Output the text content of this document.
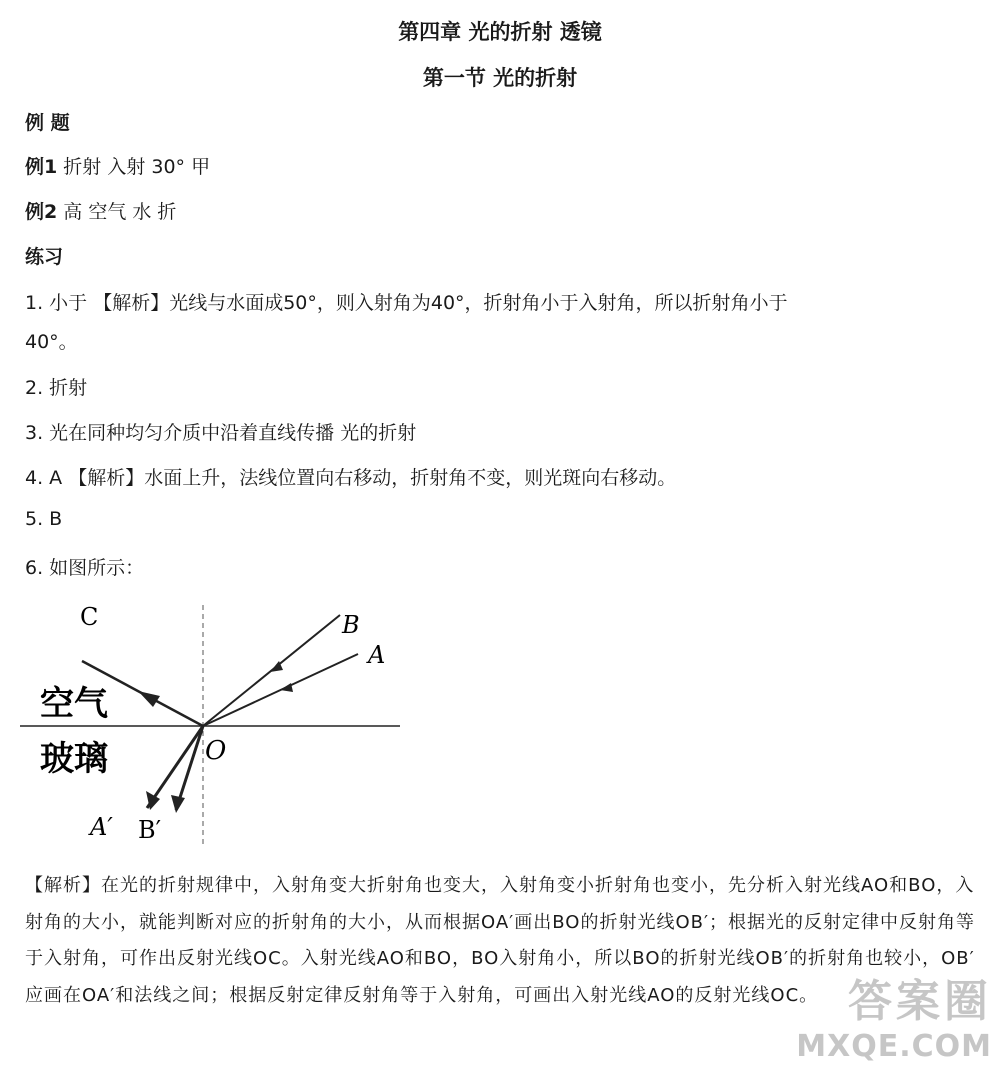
第四章 光的折射 透镜
第一节 光的折射
例 题
例1 折射 入射 30° 甲
例2 高 空气 水 折
练习
1. 小于 【解析】光线与水面成50°，则入射角为40°，折射角小于入射角，所以折射角小于
40°。
2. 折射
3. 光在同种均匀介质中沿着直线传播 光的折射
4. A 【解析】水面上升，法线位置向右移动，折射角不变，则光斑向右移动。
5. B
6. 如图所示：
C	B
A
O
A′ B′
空气
玻璃
【解析】在光的折射规律中，入射角变大折射角也变大，入射角变小折射角也变小，先分析入射光线AO和BO，入射角的大小，就能判断对应的折射角的大小，从而根据OA′画出BO的折射光线OB′；根据光的反射定律中反射角等于入射角，可作出反射光线OC。入射光线AO和BO，BO入射角小，所以BO的折射光线OB′的折射角也较小，OB′应画在OA′和法线之间；根据反射定律反射角等于入射角，可画出入射光线AO的反射光线OC。 答案圈
MXQE.COM
